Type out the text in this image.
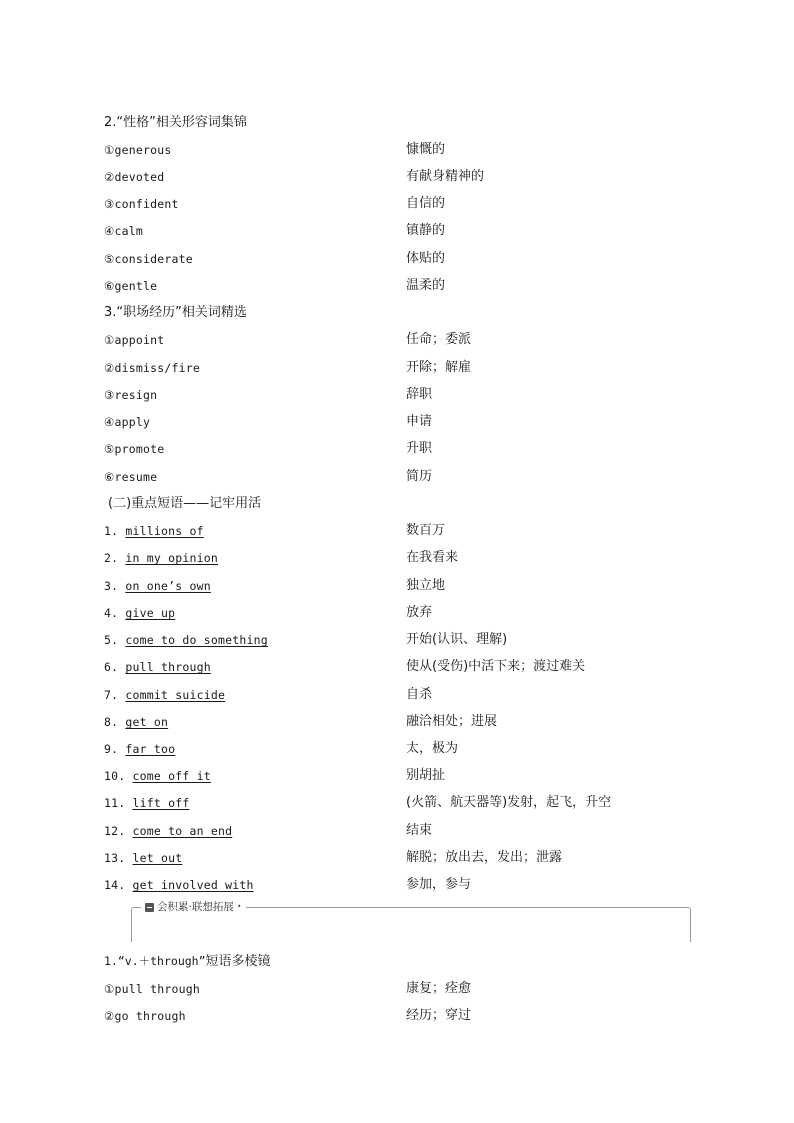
2.“性格”相关形容词集锦
①generous	慷慨的
②devoted	有献身精神的
③confident	自信的
④calm	镇静的
⑤considerate	体贴的
⑥gentle	温柔的
3.“职场经历”相关词精选
①appoint	任命；委派
②dismiss/fire	开除；解雇
③resign	辞职
④apply	申请
⑤promote	升职
⑥resume	简历
(二)重点短语——记牢用活
1. millions of	数百万
2. in my opinion	在我看来
3. on one’s own	独立地
4. give up	放弃
5. come to do something	开始(认识、理解)
6. pull through	使从(受伤)中活下来；渡过难关
7. commit suicide	自杀
8. get on	融洽相处；进展
9. far too	太，极为
10. come off it	别胡扯
11. lift off	(火箭、航天器等)发射，起飞，升空
12. come to an end	结束
13. let out	解脱；放出去，发出；泄露
14. get involved with	参加，参与
会积累·联想拓展 •
1.“v.＋through”短语多棱镜
①pull through	康复；痊愈
②go through	经历；穿过
